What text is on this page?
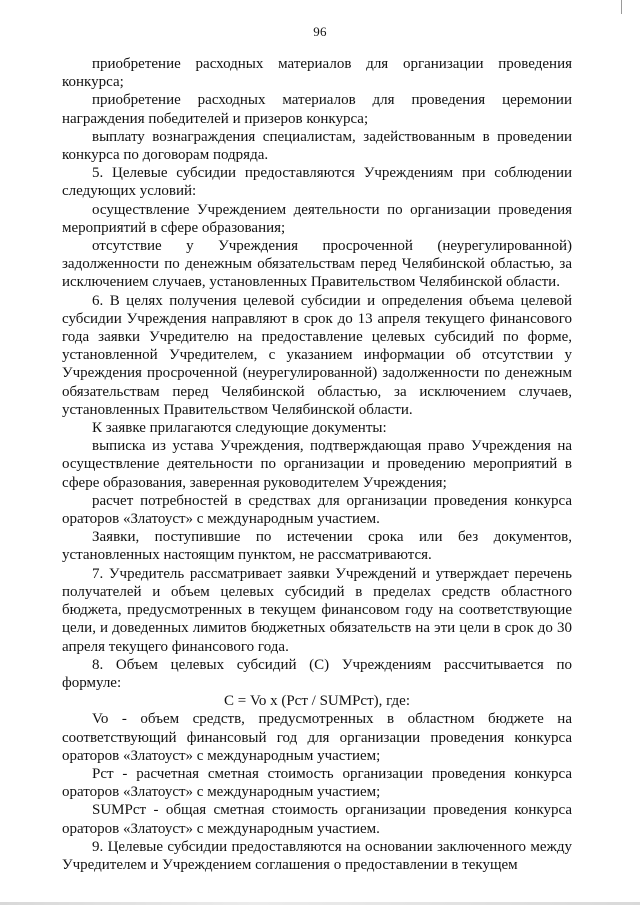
96

приобретение расходных материалов для организации проведения конкурса;

приобретение расходных материалов для проведения церемонии награждения победителей и призеров конкурса;

выплату вознаграждения специалистам, задействованным в проведении конкурса по договорам подряда.

5. Целевые субсидии предоставляются Учреждениям при соблюдении следующих условий:

осуществление Учреждением деятельности по организации проведения мероприятий в сфере образования;

отсутствие у Учреждения просроченной (неурегулированной) задолженности по денежным обязательствам перед Челябинской областью, за исключением случаев, установленных Правительством Челябинской области.

6. В целях получения целевой субсидии и определения объема целевой субсидии Учреждения направляют в срок до 13 апреля текущего финансового года заявки Учредителю на предоставление целевых субсидий по форме, установленной Учредителем, с указанием информации об отсутствии у Учреждения просроченной (неурегулированной) задолженности по денежным обязательствам перед Челябинской областью, за исключением случаев, установленных Правительством Челябинской области.

К заявке прилагаются следующие документы:

выписка из устава Учреждения, подтверждающая право Учреждения на осуществление деятельности по организации и проведению мероприятий в сфере образования, заверенная руководителем Учреждения;

расчет потребностей в средствах для организации проведения конкурса ораторов «Златоуст» с международным участием.

Заявки, поступившие по истечении срока или без документов, установленных настоящим пунктом, не рассматриваются.

7. Учредитель рассматривает заявки Учреждений и утверждает перечень получателей и объем целевых субсидий в пределах средств областного бюджета, предусмотренных в текущем финансовом году на соответствующие цели, и доведенных лимитов бюджетных обязательств на эти цели в срок до 30 апреля текущего финансового года.

8. Объем целевых субсидий (С) Учреждениям рассчитывается по формуле:

С = Vo x (Рст / SUMРст), где:

Vo - объем средств, предусмотренных в областном бюджете на соответствующий финансовый год для организации проведения конкурса ораторов «Златоуст» с международным участием;

Рст - расчетная сметная стоимость организации проведения конкурса ораторов «Златоуст» с международным участием;

SUMРст - общая сметная стоимость организации проведения конкурса ораторов «Златоуст» с международным участием.

9. Целевые субсидии предоставляются на основании заключенного между Учредителем и Учреждением соглашения о предоставлении в текущем
